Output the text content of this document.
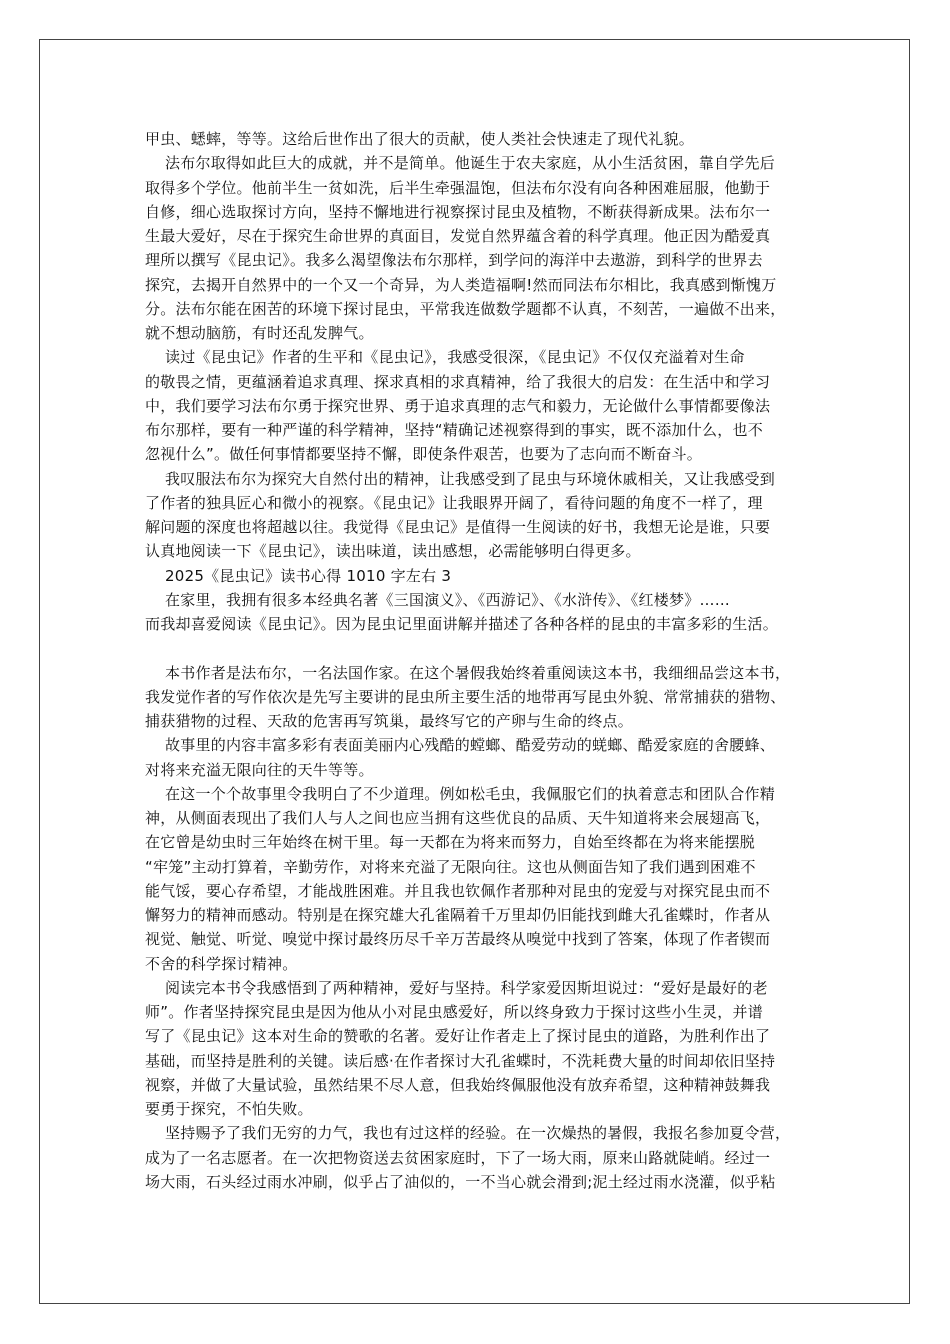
甲虫、蟋蟀，等等。这给后世作出了很大的贡献，使人类社会快速走了现代礼貌。
法布尔取得如此巨大的成就，并不是简单。他诞生于农夫家庭，从小生活贫困，靠自学先后
取得多个学位。他前半生一贫如洗，后半生牵强温饱，但法布尔没有向各种困难屈服，他勤于
自修，细心选取探讨方向，坚持不懈地进行视察探讨昆虫及植物，不断获得新成果。法布尔一
生最大爱好，尽在于探究生命世界的真面目，发觉自然界蕴含着的科学真理。他正因为酷爱真
理所以撰写《昆虫记》。我多么渴望像法布尔那样，到学问的海洋中去遨游，到科学的世界去
探究，去揭开自然界中的一个又一个奇异，为人类造福啊!然而同法布尔相比，我真感到惭愧万
分。法布尔能在困苦的环境下探讨昆虫，平常我连做数学题都不认真，不刻苦，一遍做不出来，
就不想动脑筋，有时还乱发脾气。
读过《昆虫记》作者的生平和《昆虫记》，我感受很深，《昆虫记》不仅仅充溢着对生命
的敬畏之情，更蕴涵着追求真理、探求真相的求真精神，给了我很大的启发：在生活中和学习
中，我们要学习法布尔勇于探究世界、勇于追求真理的志气和毅力，无论做什么事情都要像法
布尔那样，要有一种严谨的科学精神，坚持“精确记述视察得到的事实，既不添加什么，也不
忽视什么”。做任何事情都要坚持不懈，即使条件艰苦，也要为了志向而不断奋斗。
我叹服法布尔为探究大自然付出的精神，让我感受到了昆虫与环境休戚相关，又让我感受到
了作者的独具匠心和微小的视察。《昆虫记》让我眼界开阔了，看待问题的角度不一样了，理
解问题的深度也将超越以往。我觉得《昆虫记》是值得一生阅读的好书，我想无论是谁，只要
认真地阅读一下《昆虫记》，读出味道，读出感想，必需能够明白得更多。
2025《昆虫记》读书心得 1010 字左右 3
在家里，我拥有很多本经典名著《三国演义》、《西游记》、《水浒传》、《红楼梦》……
而我却喜爱阅读《昆虫记》。因为昆虫记里面讲解并描述了各种各样的昆虫的丰富多彩的生活。
本书作者是法布尔，一名法国作家。在这个暑假我始终着重阅读这本书，我细细品尝这本书，
我发觉作者的写作依次是先写主要讲的昆虫所主要生活的地带再写昆虫外貌、常常捕获的猎物、
捕获猎物的过程、天敌的危害再写筑巢，最终写它的产卵与生命的终点。
故事里的内容丰富多彩有表面美丽内心残酷的螳螂、酷爱劳动的蜣螂、酷爱家庭的舍腰蜂、
对将来充溢无限向往的天牛等等。
在这一个个故事里令我明白了不少道理。例如松毛虫，我佩服它们的执着意志和团队合作精
神，从侧面表现出了我们人与人之间也应当拥有这些优良的品质、天牛知道将来会展翅高飞，
在它曾是幼虫时三年始终在树干里。每一天都在为将来而努力，自始至终都在为将来能摆脱
“牢笼”主动打算着，辛勤劳作，对将来充溢了无限向往。这也从侧面告知了我们遇到困难不
能气馁，要心存希望，才能战胜困难。并且我也钦佩作者那种对昆虫的宠爱与对探究昆虫而不
懈努力的精神而感动。特别是在探究雄大孔雀隔着千万里却仍旧能找到雌大孔雀蝶时，作者从
视觉、触觉、听觉、嗅觉中探讨最终历尽千辛万苦最终从嗅觉中找到了答案，体现了作者锲而
不舍的科学探讨精神。
阅读完本书令我感悟到了两种精神，爱好与坚持。科学家爱因斯坦说过：“爱好是最好的老
师”。作者坚持探究昆虫是因为他从小对昆虫感爱好，所以终身致力于探讨这些小生灵，并谱
写了《昆虫记》这本对生命的赞歌的名著。爱好让作者走上了探讨昆虫的道路，为胜利作出了
基础，而坚持是胜利的关键。读后感·在作者探讨大孔雀蝶时，不洗耗费大量的时间却依旧坚持
视察，并做了大量试验，虽然结果不尽人意，但我始终佩服他没有放弃希望，这种精神鼓舞我
要勇于探究，不怕失败。
坚持赐予了我们无穷的力气，我也有过这样的经验。在一次燥热的暑假，我报名参加夏令营，
成为了一名志愿者。在一次把物资送去贫困家庭时，下了一场大雨，原来山路就陡峭。经过一
场大雨，石头经过雨水冲刷，似乎占了油似的，一不当心就会滑到;泥土经过雨水浇灌，似乎粘
